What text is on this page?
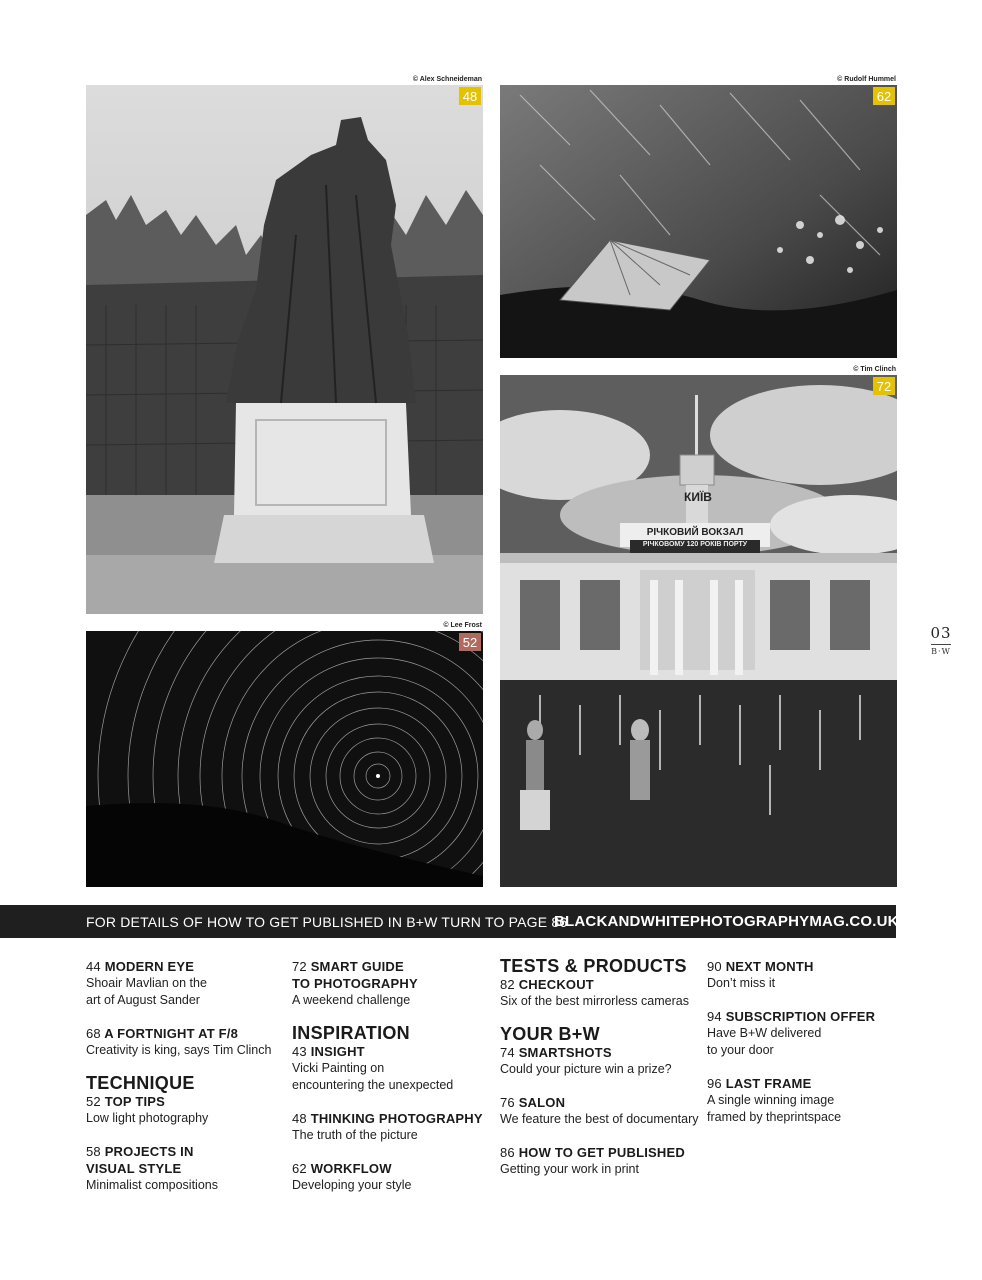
© Alex Schneideman	© Rudolf Hummel
© Tim Clinch
© Lee Frost
48	62
КИЇВ
РІЧКОВИЙ ВОКЗАЛ
РІЧКОВОМУ 120 РОКІВ ПОРТУ
72
52	03
B·W
FOR DETAILS OF HOW TO GET PUBLISHED IN B+W TURN TO PAGE 86
BLACKANDWHITEPHOTOGRAPHYMAG.CO.UK
44 MODERN EYE
Shoair Mavlian on the
art of August Sander
68 A FORTNIGHT AT F/8
Creativity is king, says Tim Clinch
TECHNIQUE
52 TOP TIPS
Low light photography
58 PROJECTS IN
VISUAL STYLE
Minimalist compositions
72 SMART GUIDE
TO PHOTOGRAPHY
A weekend challenge
INSPIRATION
43 INSIGHT
Vicki Painting on
encountering the unexpected
48 THINKING PHOTOGRAPHY
The truth of the picture
62 WORKFLOW
Developing your style
TESTS & PRODUCTS
82 CHECKOUT
Six of the best mirrorless cameras
YOUR B+W
74 SMARTSHOTS
Could your picture win a prize?
76 SALON
We feature the best of documentary
86 HOW TO GET PUBLISHED
Getting your work in print
90 NEXT MONTH
Don’t miss it
94 SUBSCRIPTION OFFER
Have B+W delivered
to your door
96 LAST FRAME
A single winning image
framed by theprintspace
